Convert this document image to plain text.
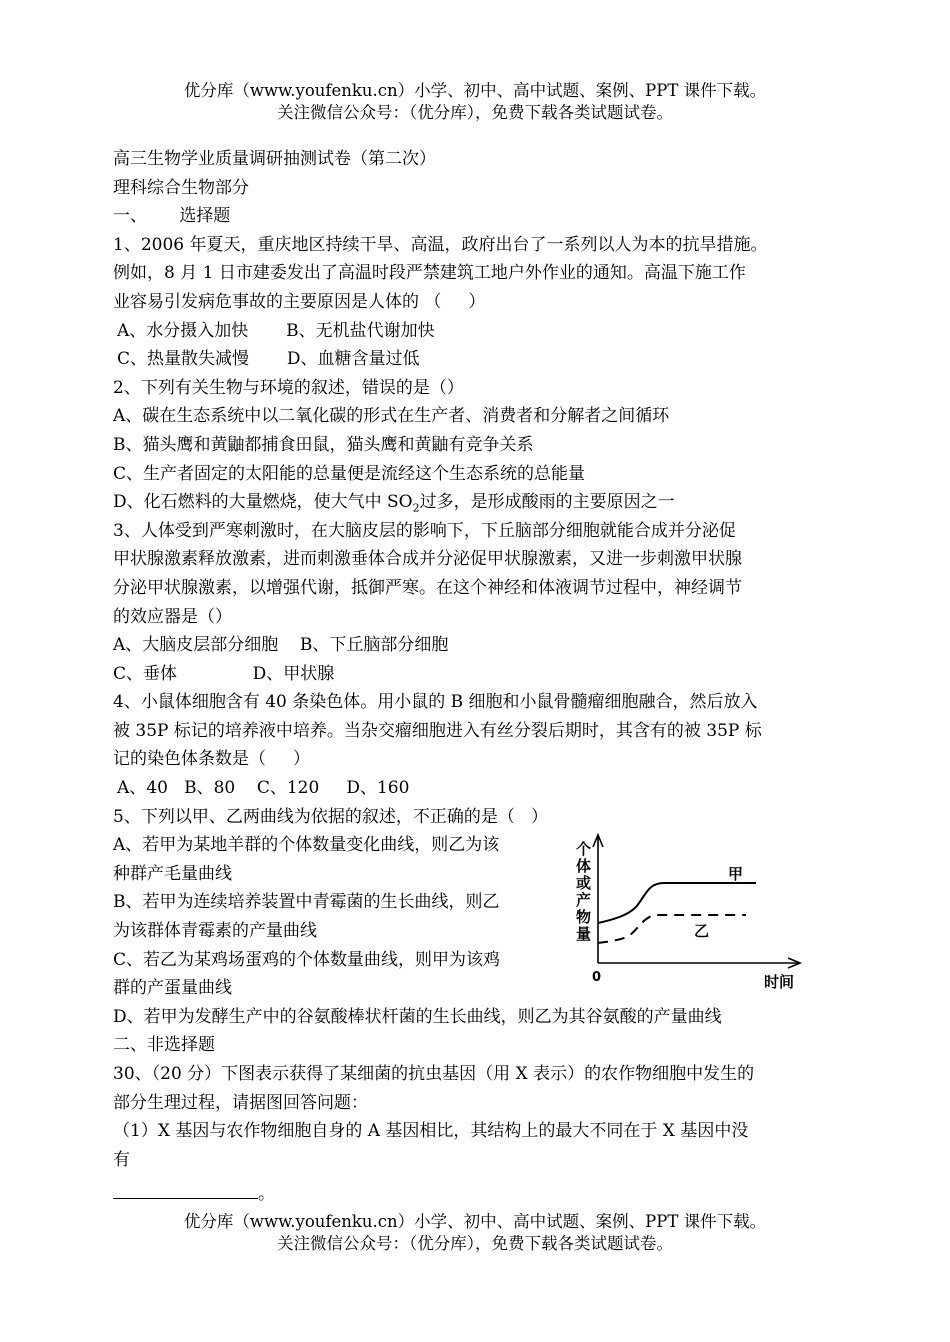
优分库（www.youfenku.cn）小学、初中、高中试题、案例、PPT 课件下载。
关注微信公众号：（优分库），免费下载各类试题试卷。
高三生物学业质量调研抽测试卷（第二次）
理科综合生物部分
一、      选择题
1、2006 年夏天，重庆地区持续干旱、高温，政府出台了一系列以人为本的抗旱措施。
例如，8 月 1 日市建委发出了高温时段严禁建筑工地户外作业的通知。高温下施工作
业容易引发病危事故的主要原因是人体的 （     ）
A、水分摄入加快       B、无机盐代谢加快
C、热量散失减慢       D、血糖含量过低
2、下列有关生物与环境的叙述，错误的是（）
A、碳在生态系统中以二氧化碳的形式在生产者、消费者和分解者之间循环
B、猫头鹰和黄鼬都捕食田鼠，猫头鹰和黄鼬有竞争关系
C、生产者固定的太阳能的总量便是流经这个生态系统的总能量
D、化石燃料的大量燃烧，使大气中 $SO_2$过多，是形成酸雨的主要原因之一
3、人体受到严寒刺激时，在大脑皮层的影响下，下丘脑部分细胞就能合成并分泌促
甲状腺激素释放激素，进而刺激垂体合成并分泌促甲状腺激素，又进一步刺激甲状腺
分泌甲状腺激素，以增强代谢，抵御严寒。在这个神经和体液调节过程中，神经调节
的效应器是（）
A、大脑皮层部分细胞    B、下丘脑部分细胞
C、垂体              D、甲状腺
4、小鼠体细胞含有 40 条染色体。用小鼠的 B 细胞和小鼠骨髓瘤细胞融合，然后放入
被 35P 标记的培养液中培养。当杂交瘤细胞进入有丝分裂后期时，其含有的被 35P 标
记的染色体条数是（     ）
A、40   B、80    C、120     D、160
5、下列以甲、乙两曲线为依据的叙述，不正确的是（   ）
A、若甲为某地羊群的个体数量变化曲线，则乙为该
种群产毛量曲线
B、若甲为连续培养装置中青霉菌的生长曲线，则乙
为该群体青霉素的产量曲线
C、若乙为某鸡场蛋鸡的个体数量曲线，则甲为该鸡
群的产蛋量曲线
个
体
或
产
物
量
甲
乙
0	时间
D、若甲为发酵生产中的谷氨酸棒状杆菌的生长曲线，则乙为其谷氨酸的产量曲线
二、非选择题
30、（20 分）下图表示获得了某细菌的抗虫基因（用 X 表示）的农作物细胞中发生的
部分生理过程，请据图回答问题：
（1）X 基因与农作物细胞自身的 A 基因相比，其结构上的最大不同在于 X 基因中没
有
。
优分库（www.youfenku.cn）小学、初中、高中试题、案例、PPT 课件下载。
关注微信公众号：（优分库），免费下载各类试题试卷。
